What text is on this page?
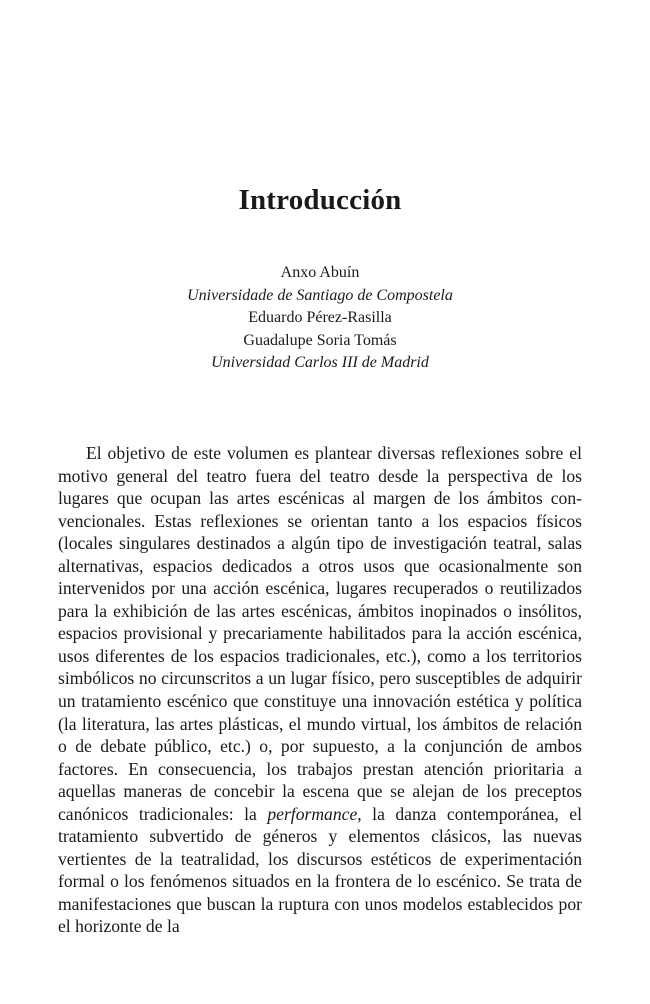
Introducción
Anxo Abuín
Universidade de Santiago de Compostela
Eduardo Pérez-Rasilla
Guadalupe Soria Tomás
Universidad Carlos III de Madrid

El objetivo de este volumen es plantear diversas reflexiones sobre el motivo general del teatro fuera del teatro desde la perspectiva de los lugares que ocupan las artes escénicas al margen de los ámbitos convencionales. Estas reflexiones se orientan tanto a los espacios físicos (locales singulares destinados a algún tipo de investigación teatral, salas alternativas, espacios dedicados a otros usos que ocasionalmente son intervenidos por una acción escénica, lugares recuperados o reutilizados para la exhibición de las artes escénicas, ámbitos inopinados o insólitos, espacios provisional y precariamente habilitados para la acción escénica, usos diferentes de los espacios tradicionales, etc.), como a los territorios simbólicos no circunscritos a un lugar físico, pero susceptibles de adquirir un tratamiento escénico que constituye una innovación estética y política (la literatura, las artes plásticas, el mundo virtual, los ámbitos de relación o de debate público, etc.) o, por supuesto, a la conjunción de ambos factores. En consecuencia, los trabajos prestan atención prioritaria a aquellas maneras de concebir la escena que se alejan de los preceptos canónicos tradicionales: la performance, la danza contemporánea, el tratamiento subvertido de géneros y elementos clásicos, las nuevas vertientes de la teatralidad, los discursos estéticos de experimentación formal o los fenómenos situados en la frontera de lo escénico. Se trata de manifestaciones que buscan la ruptura con unos modelos establecidos por el horizonte de la
